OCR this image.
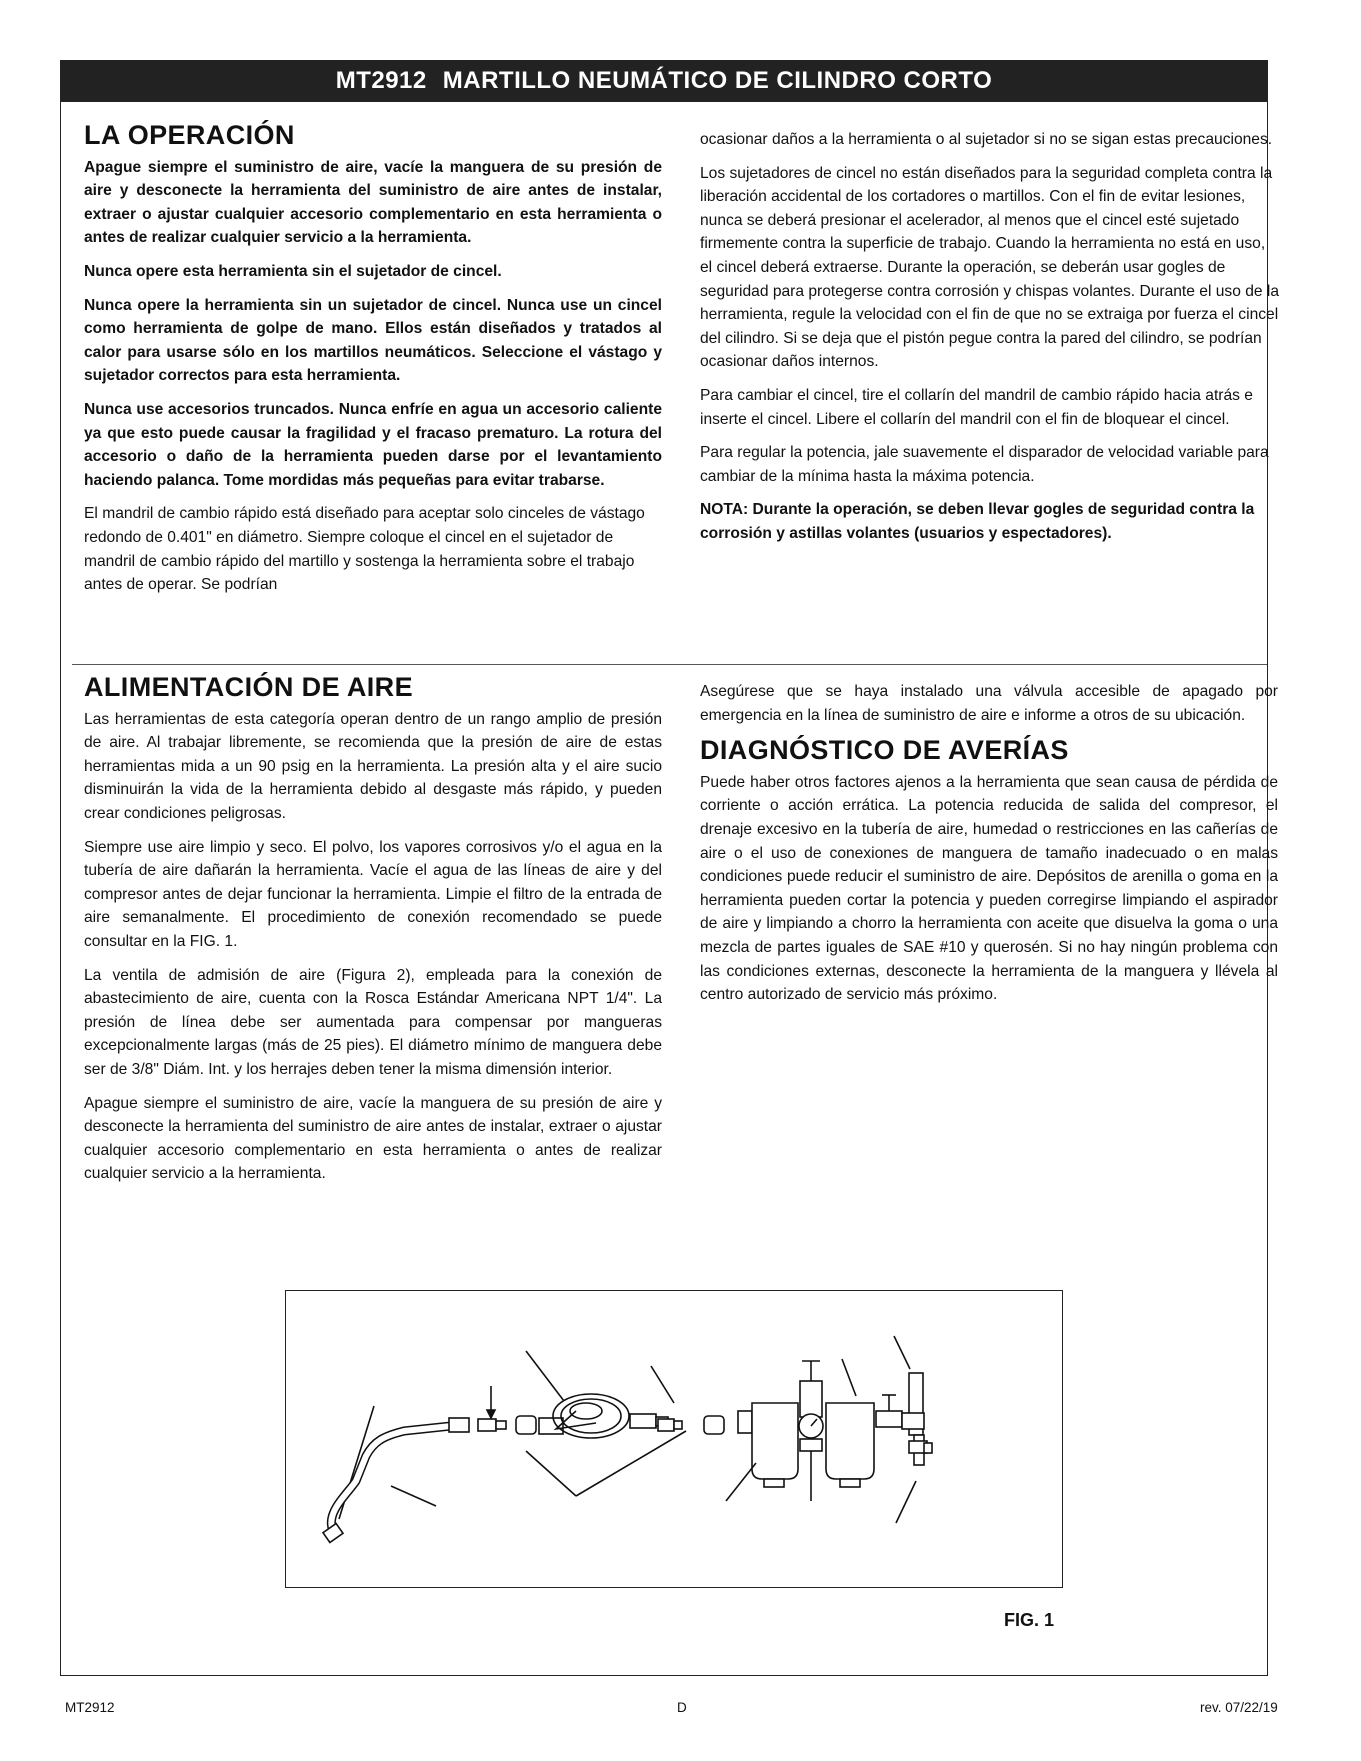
MT2912 MARTILLO NEUMÁTICO DE CILINDRO CORTO
LA OPERACIÓN

Apague siempre el suministro de aire, vacíe la manguera de su presión de aire y desconecte la herramienta del suministro de aire antes de instalar, extraer o ajustar cualquier accesorio complementario en esta herramienta o antes de realizar cualquier servicio a la herramienta.

Nunca opere esta herramienta sin el sujetador de cincel.

Nunca opere la herramienta sin un sujetador de cincel. Nunca use un cincel como herramienta de golpe de mano. Ellos están diseñados y tratados al calor para usarse sólo en los martillos neumáticos. Seleccione el vástago y sujetador correctos para esta herramienta.

Nunca use accesorios truncados. Nunca enfríe en agua un accesorio caliente ya que esto puede causar la fragilidad y el fracaso prematuro. La rotura del accesorio o daño de la herramienta pueden darse por el levantamiento haciendo palanca. Tome mordidas más pequeñas para evitar trabarse.

El mandril de cambio rápido está diseñado para aceptar solo cinceles de vástago redondo de 0.401" en diámetro. Siempre coloque el cincel en el sujetador de mandril de cambio rápido del martillo y sostenga la herramienta sobre el trabajo antes de operar. Se podrían

ocasionar daños a la herramienta o al sujetador si no se sigan estas precauciones.

Los sujetadores de cincel no están diseñados para la seguridad completa contra la liberación accidental de los cortadores o martillos. Con el fin de evitar lesiones, nunca se deberá presionar el acelerador, al menos que el cincel esté sujetado firmemente contra la superficie de trabajo. Cuando la herramienta no está en uso, el cincel deberá extraerse. Durante la operación, se deberán usar gogles de seguridad para protegerse contra corrosión y chispas volantes. Durante el uso de la herramienta, regule la velocidad con el fin de que no se extraiga por fuerza el cincel del cilindro. Si se deja que el pistón pegue contra la pared del cilindro, se podrían ocasionar daños internos.

Para cambiar el cincel, tire el collarín del mandril de cambio rápido hacia atrás e inserte el cincel. Libere el collarín del mandril con el fin de bloquear el cincel.

Para regular la potencia, jale suavemente el disparador de velocidad variable para cambiar de la mínima hasta la máxima potencia.

NOTA: Durante la operación, se deben llevar gogles de seguridad contra la corrosión y astillas volantes (usuarios y espectadores).

ALIMENTACIÓN DE AIRE

Las herramientas de esta categoría operan dentro de un rango amplio de presión de aire. Al trabajar libremente, se recomienda que la presión de aire de estas herramientas mida a un 90 psig en la herramienta. La presión alta y el aire sucio disminuirán la vida de la herramienta debido al desgaste más rápido, y pueden crear condiciones peligrosas.

Siempre use aire limpio y seco. El polvo, los vapores corrosivos y/o el agua en la tubería de aire dañarán la herramienta. Vacíe el agua de las líneas de aire y del compresor antes de dejar funcionar la herramienta. Limpie el filtro de la entrada de aire semanalmente. El procedimiento de conexión recomendado se puede consultar en la FIG. 1.

La ventila de admisión de aire (Figura 2), empleada para la conexión de abastecimiento de aire, cuenta con la Rosca Estándar Americana NPT 1/4". La presión de línea debe ser aumentada para compensar por mangueras excepcionalmente largas (más de 25 pies). El diámetro mínimo de manguera debe ser de 3/8" Diám. Int. y los herrajes deben tener la misma dimensión interior.

Apague siempre el suministro de aire, vacíe la manguera de su presión de aire y desconecte la herramienta del suministro de aire antes de instalar, extraer o ajustar cualquier accesorio complementario en esta herramienta o antes de realizar cualquier servicio a la herramienta.

Asegúrese que se haya instalado una válvula accesible de apagado por emergencia en la línea de suministro de aire e informe a otros de su ubicación.

DIAGNÓSTICO DE AVERÍAS

Puede haber otros factores ajenos a la herramienta que sean causa de pérdida de corriente o acción errática. La potencia reducida de salida del compresor, el drenaje excesivo en la tubería de aire, humedad o restricciones en las cañerías de aire o el uso de conexiones de manguera de tamaño inadecuado o en malas condiciones puede reducir el suministro de aire. Depósitos de arenilla o goma en la herramienta pueden cortar la potencia y pueden corregirse limpiando el aspirador de aire y limpiando a chorro la herramienta con aceite que disuelva la goma o una mezcla de partes iguales de SAE #10 y querosén. Si no hay ningún problema con las condiciones externas, desconecte la herramienta de la manguera y llévela al centro autorizado de servicio más próximo.

FIG. 1
MT2912	D	rev. 07/22/19
